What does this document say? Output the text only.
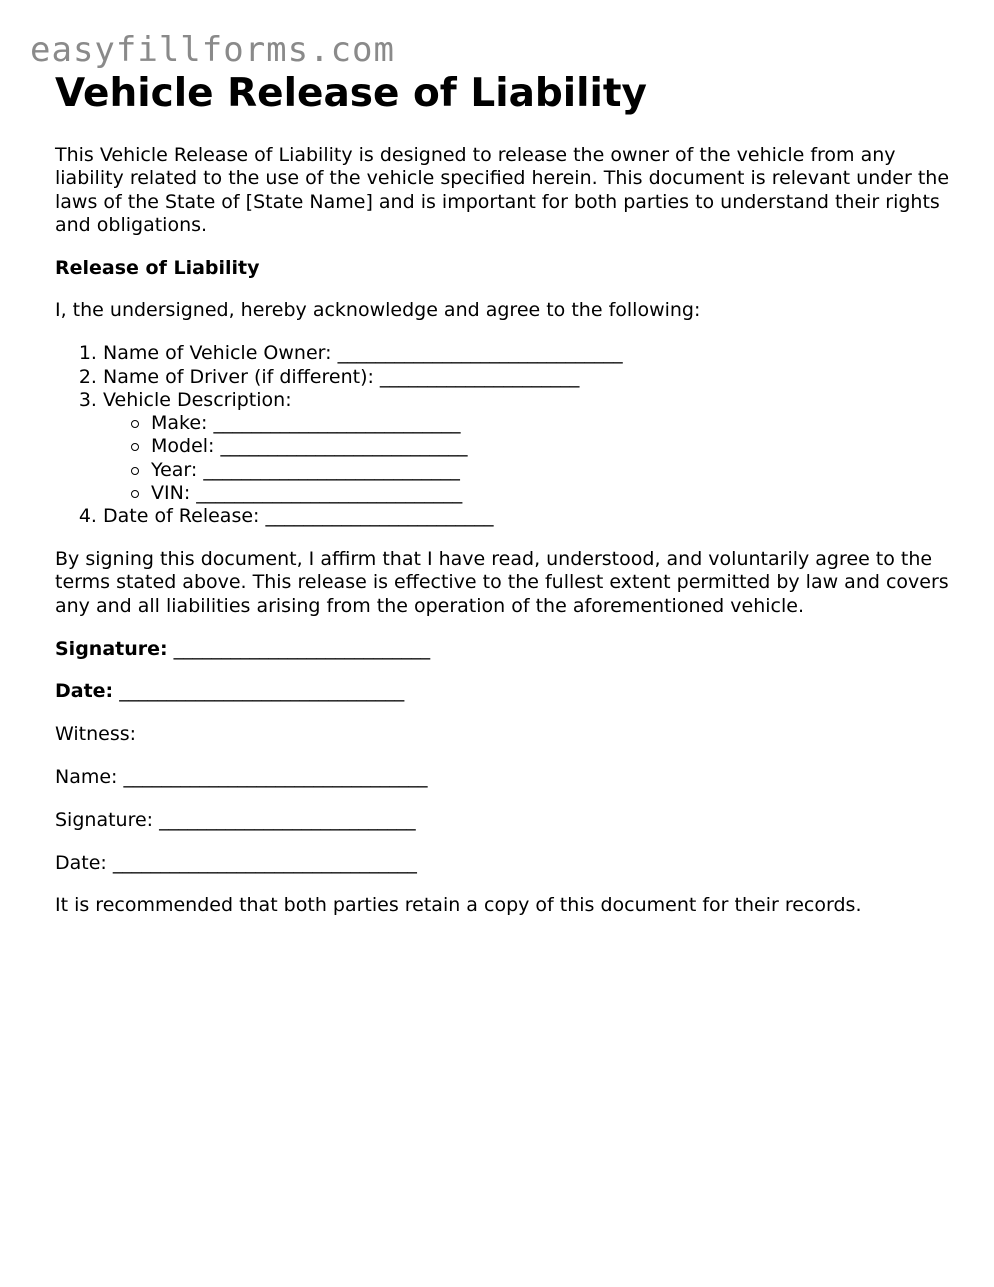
easyfillforms.com
Vehicle Release of Liability

This Vehicle Release of Liability is designed to release the owner of the vehicle from any liability related to the use of the vehicle specified herein. This document is relevant under the laws of the State of [State Name] and is important for both parties to understand their rights and obligations.

Release of Liability

I, the undersigned, hereby acknowledge and agree to the following:

1. Name of Vehicle Owner: ______________________________
2. Name of Driver (if different): _____________________
3. Vehicle Description:
Make: __________________________
Model: __________________________
Year: ___________________________
VIN: ____________________________
4. Date of Release: ________________________

By signing this document, I affirm that I have read, understood, and voluntarily agree to the terms stated above. This release is effective to the fullest extent permitted by law and covers any and all liabilities arising from the operation of the aforementioned vehicle.

Signature: ___________________________

Date: ______________________________

Witness:

Name: ________________________________

Signature: ___________________________

Date: ________________________________

It is recommended that both parties retain a copy of this document for their records.
